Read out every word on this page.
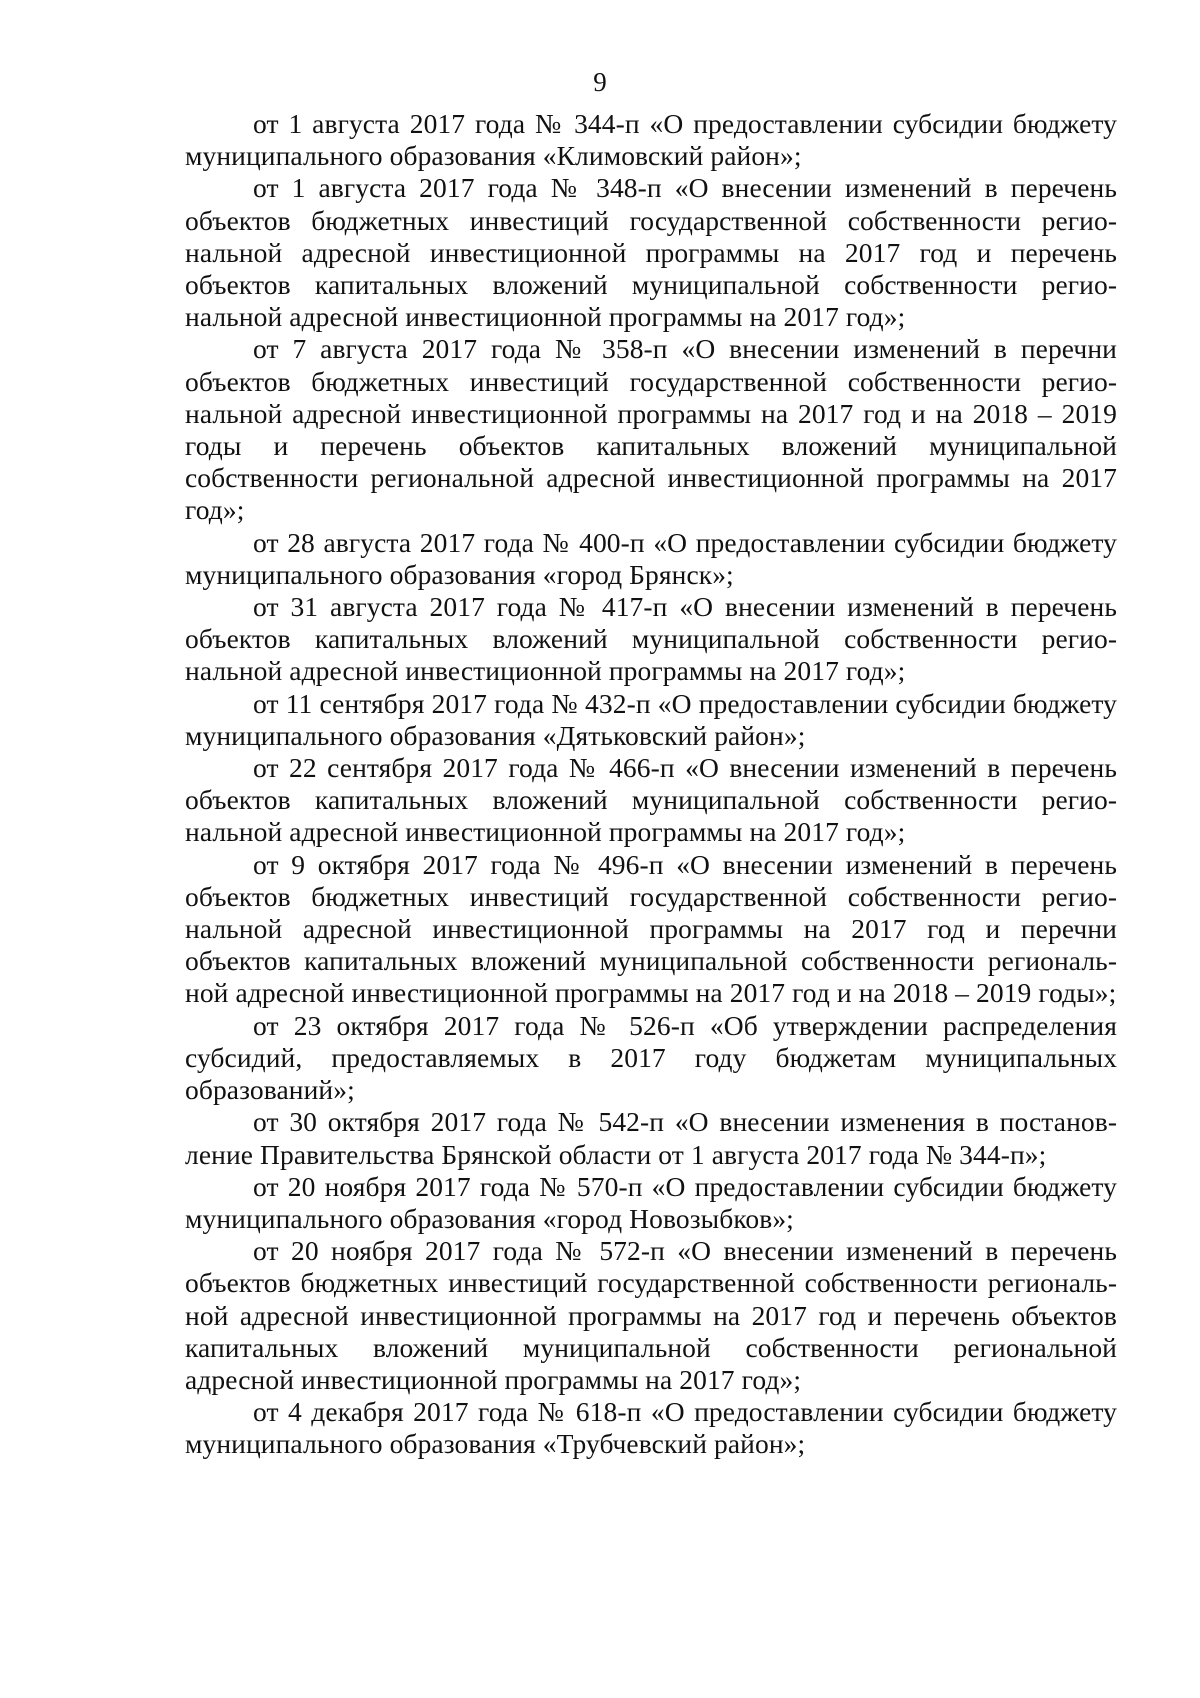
9

от 1 августа 2017 года № 344-п «О предоставлении субсидии бюджету муниципального образования «Климовский район»;

от 1 августа 2017 года № 348-п «О внесении изменений в перечень объектов бюджетных инвестиций государственной собственности региональной адресной инвестиционной программы на 2017 год и перечень объектов капитальных вложений муниципальной собственности региональной адресной инвестиционной программы на 2017 год»;

от 7 августа 2017 года № 358-п «О внесении изменений в перечни объектов бюджетных инвестиций государственной собственности региональной адресной инвестиционной программы на 2017 год и на 2018 – 2019 годы и перечень объектов капитальных вложений муниципальной собственности региональной адресной инвестиционной программы на 2017 год»;

от 28 августа 2017 года № 400-п «О предоставлении субсидии бюджету муниципального образования «город Брянск»;

от 31 августа 2017 года № 417-п «О внесении изменений в перечень объектов капитальных вложений муниципальной собственности региональной адресной инвестиционной программы на 2017 год»;

от 11 сентября 2017 года № 432-п «О предоставлении субсидии бюджету муниципального образования «Дятьковский район»;

от 22 сентября 2017 года № 466-п «О внесении изменений в перечень объектов капитальных вложений муниципальной собственности региональной адресной инвестиционной программы на 2017 год»;

от 9 октября 2017 года № 496-п «О внесении изменений в перечень объектов бюджетных инвестиций государственной собственности региональной адресной инвестиционной программы на 2017 год и перечни объектов капитальных вложений муниципальной собственности региональной адресной инвестиционной программы на 2017 год и на 2018 – 2019 годы»;

от 23 октября 2017 года № 526-п «Об утверждении распределения субсидий, предоставляемых в 2017 году бюджетам муниципальных образований»;

от 30 октября 2017 года № 542-п «О внесении изменения в постановление Правительства Брянской области от 1 августа 2017 года № 344-п»;

от 20 ноября 2017 года № 570-п «О предоставлении субсидии бюджету муниципального образования «город Новозыбков»;

от 20 ноября 2017 года № 572-п «О внесении изменений в перечень объектов бюджетных инвестиций государственной собственности региональной адресной инвестиционной программы на 2017 год и перечень объектов капитальных вложений муниципальной собственности региональной адресной инвестиционной программы на 2017 год»;

от 4 декабря 2017 года № 618-п «О предоставлении субсидии бюджету муниципального образования «Трубчевский район»;
